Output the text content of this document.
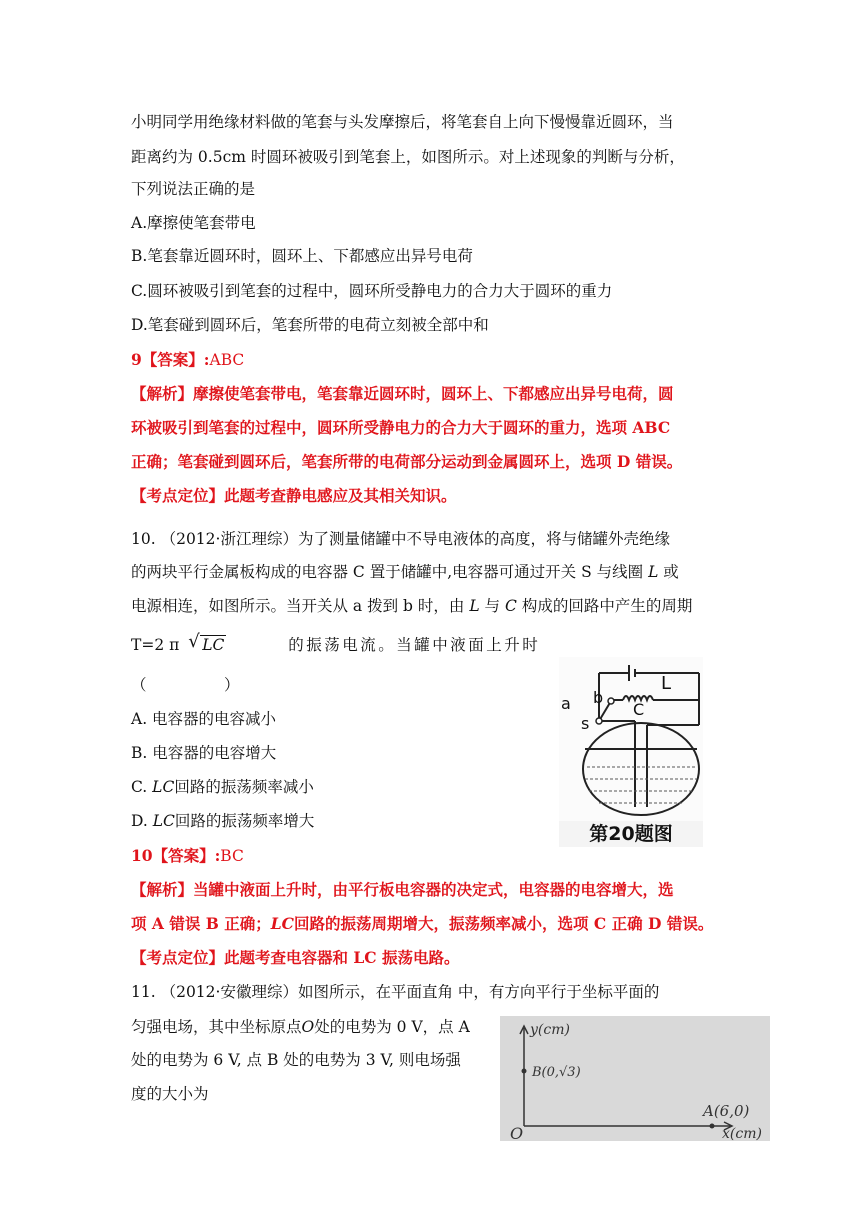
小明同学用绝缘材料做的笔套与头发摩擦后，将笔套自上向下慢慢靠近圆环，当
距离约为 0.5cm 时圆环被吸引到笔套上，如图所示。对上述现象的判断与分析，
下列说法正确的是
A.摩擦使笔套带电
B.笔套靠近圆环时，圆环上、下都感应出异号电荷
C.圆环被吸引到笔套的过程中，圆环所受静电力的合力大于圆环的重力
D.笔套碰到圆环后，笔套所带的电荷立刻被全部中和
9【答案】:ABC
【解析】摩擦使笔套带电，笔套靠近圆环时，圆环上、下都感应出异号电荷，圆
环被吸引到笔套的过程中，圆环所受静电力的合力大于圆环的重力，选项 ABC
正确；笔套碰到圆环后，笔套所带的电荷部分运动到金属圆环上，选项 D 错误。
【考点定位】此题考查静电感应及其相关知识。
10. （2012·浙江理综）为了测量储罐中不导电液体的高度，将与储罐外壳绝缘
的两块平行金属板构成的电容器 C 置于储罐中,电容器可通过开关 S 与线圈 L 或
电源相连，如图所示。当开关从 a 拨到 b 时，由 L 与 C 构成的回路中产生的周期
T=2 π √ LC	的振荡电流。当罐中液面上升时
（　　　　　）
A. 电容器的电容减小
B. 电容器的电容增大
C. LC回路的振荡频率减小
D. LC回路的振荡频率增大
10【答案】:BC
【解析】当罐中液面上升时，由平行板电容器的决定式，电容器的电容增大，选
项 A 错误 B 正确；LC回路的振荡周期增大，振荡频率减小，选项 C 正确 D 错误。
【考点定位】此题考查电容器和 LC 振荡电路。
L
b
a
s
C
第20题图
11. （2012·安徽理综）如图所示，在平面直角 中，有方向平行于坐标平面的
匀强电场，其中坐标原点O处的电势为 0 V，点 A
处的电势为 6 V, 点 B 处的电势为 3 V, 则电场强
度的大小为
y(cm)
x(cm)
O
B(0,√3)
A(6,0)
